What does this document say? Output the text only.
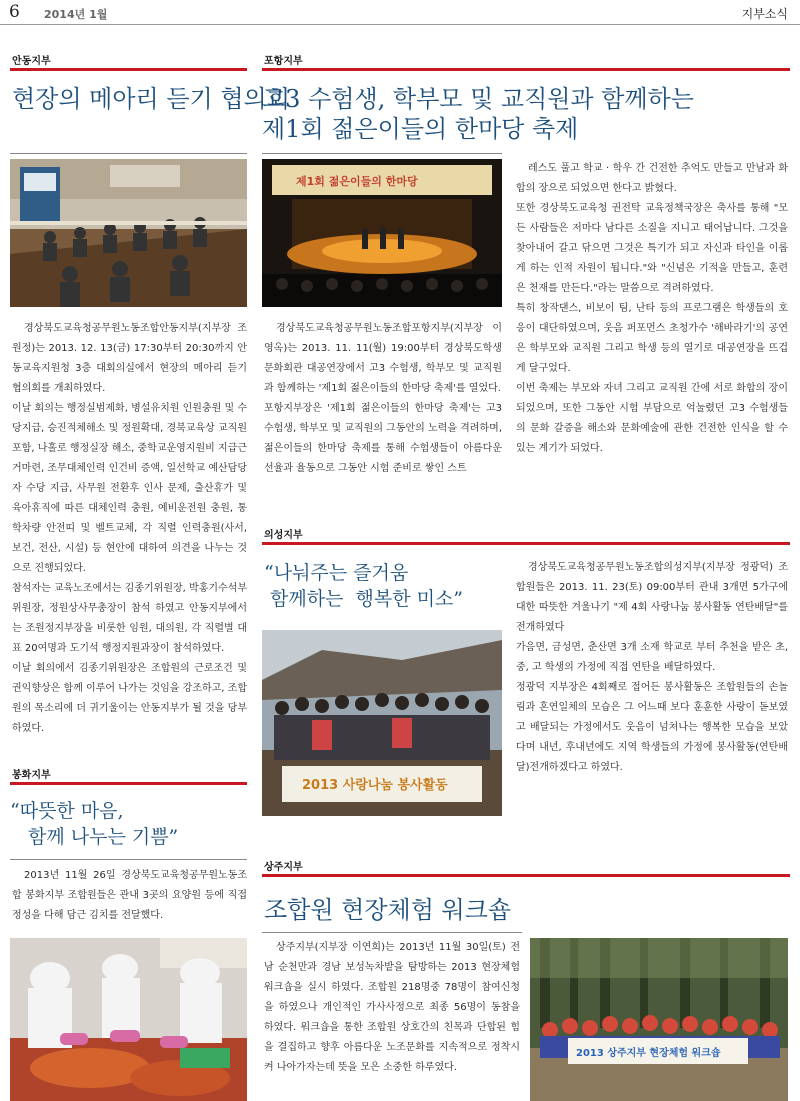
6 2014년 1월	지부소식
안동지부
현장의 메아리 듣기 협의회
경상북도교육청공무원노동조합안동지부(지부장 조원정)는 2013. 12. 13(금) 17:30부터 20:30까지 안동교육지원청 3층 대회의실에서 현장의 메아리 듣기 협의회를 개최하였다.
이날 회의는 행정실범제화, 병설유치원 인원충원 및 수당지급, 승진적체해소 및 정원확대, 경북교육상 교직원 포함, 나홀로 행정실장 해소, 중학교운영지원비 지급근거마련, 조무대체인력 인건비 증액, 일선학교 예산담당자 수당 지급, 사무원 전환후 인사 문제, 출산휴가 및 육아휴직에 따른 대체인력 충원, 예비운전원 충원, 통학차량 안전띠 및 벨트교체, 각 직렬 인력충원(사서, 보건, 전산, 시설) 등 현안에 대하여 의견을 나누는 것으로 진행되었다.
참석자는 교육노조에서는 김종기위원장, 박홍기수석부위원장, 정원상사무총장이 참석 하였고 안동지부에서는 조원정지부장을 비롯한 임원, 대의원, 각 직렬별 대표 20여명과 도기석 행정지원과장이 참석하였다.
이날 회의에서 김종기위원장은 조합원의 근로조건 및 권익향상은 함께 이루어 나가는 것임을 강조하고, 조합원의 목소리에 더 귀기울이는 안동지부가 될 것을 당부하였다.
봉화지부
“따뜻한 마음,
함께 나누는 기쁨”
2013년 11월 26일 경상북도교육청공무원노동조합 봉화지부 조합원들은 관내 3곳의 요양원 등에 직접 정성을 다해 담근 김치를 전달했다.
포항지부
고3 수험생, 학부모 및 교직원과 함께하는
제1회 젊은이들의 한마당 축제
제1회 젊은이들의 한마당
경상북도교육청공무원노동조합포항지부(지부장 이영옥)는 2013. 11. 11(월) 19:00부터 경상북도학생문화회관 대공연장에서 고3 수험생, 학부모 및 교직원과 함께하는 '제1회 젊은이들의 한마당 축제'를 열었다.
포항지부장은 '제1회 젊은이들의 한마당 축제'는 고3 수험생, 학부모 및 교직원의 그동안의 노력을 격려하며, 젊은이들의 한마당 축제를 통해 수험생들이 아름다운 선율과 율동으로 그동안 시험 준비로 쌓인 스트
레스도 풀고 학교 · 학우 간 건전한 추억도 만들고 만남과 화합의 장으로 되었으면 한다고 밝혔다.
또한 경상북도교육청 권전탁 교육정책국장은 축사를 통해 "모든 사람들은 저마다 남다른 소질을 지니고 태어납니다. 그것을 찾아내어 갈고 닦으면 그것은 특기가 되고 자신과 타인을 이롭게 하는 인적 자원이 됩니다."와 "신념은 기적을 만들고, 훈련은 천재를 만든다."라는 말씀으로 격려하였다.
특히 창작댄스, 비보이 팀, 난타 등의 프로그램은 학생들의 호응이 대단하였으며, 웃음 퍼포먼스 초청가수 '해바라기'의 공연은 학부모와 교직원 그리고 학생 등의 열기로 대공연장을 뜨겁게 달구었다.
이번 축제는 부모와 자녀 그리고 교직원 간에 서로 화합의 장이 되었으며, 또한 그동안 시험 부담으로 억눌렸던 고3 수험생들의 문화 갈증을 해소와 문화예술에 관한 건전한 인식을 할 수 있는 계기가 되었다.
의성지부
“나눠주는 즐거움
함께하는  행복한 미소”
2013 사랑나눔 봉사활동
경상북도교육청공무원노동조합의성지부(지부장 정광덕) 조합원들은 2013. 11. 23(토) 09:00부터 관내 3개면 5가구에 대한 따뜻한 겨울나기 "제 4회 사랑나눔 봉사활동 연탄배달"를 전개하였다
가음면, 금성면, 춘산면 3개 소재 학교로 부터 추천을 받은 초, 중, 고 학생의 가정에 직접 연탄을 배달하였다.
정광덕 지부장은 4회째로 접어든 봉사활동은 조합원들의 손놀림과 혼연일체의 모습은 그 어느때 보다 훈훈한 사랑이 돋보였고 배달되는 가정에서도 웃음이 넘쳐나는 행복한 모습을 보았다며 내년, 후내년에도 지역 학생들의 가정에 봉사활동(연탄배달)전개하겠다고 하였다.
상주지부
조합원 현장체험 워크숍
상주지부(지부장 이연희)는 2013년 11월 30일(토) 전남 순천만과 경남 보성녹차밭을 탐방하는 2013 현장체험 워크숍을 실시 하였다. 조합원 218명중 78명이 참여신청을 하였으나 개인적인 가사사정으로 최종 56명이 동참을 하였다. 워크숍을 통한 조합원 상호간의 친목과 단합된 힘을 결집하고 향후 아름다운 노조문화를 지속적으로 정착시켜 나아가자는데 뜻을 모은 소중한 하루였다.
2013 상주지부 현장체험 워크숍
